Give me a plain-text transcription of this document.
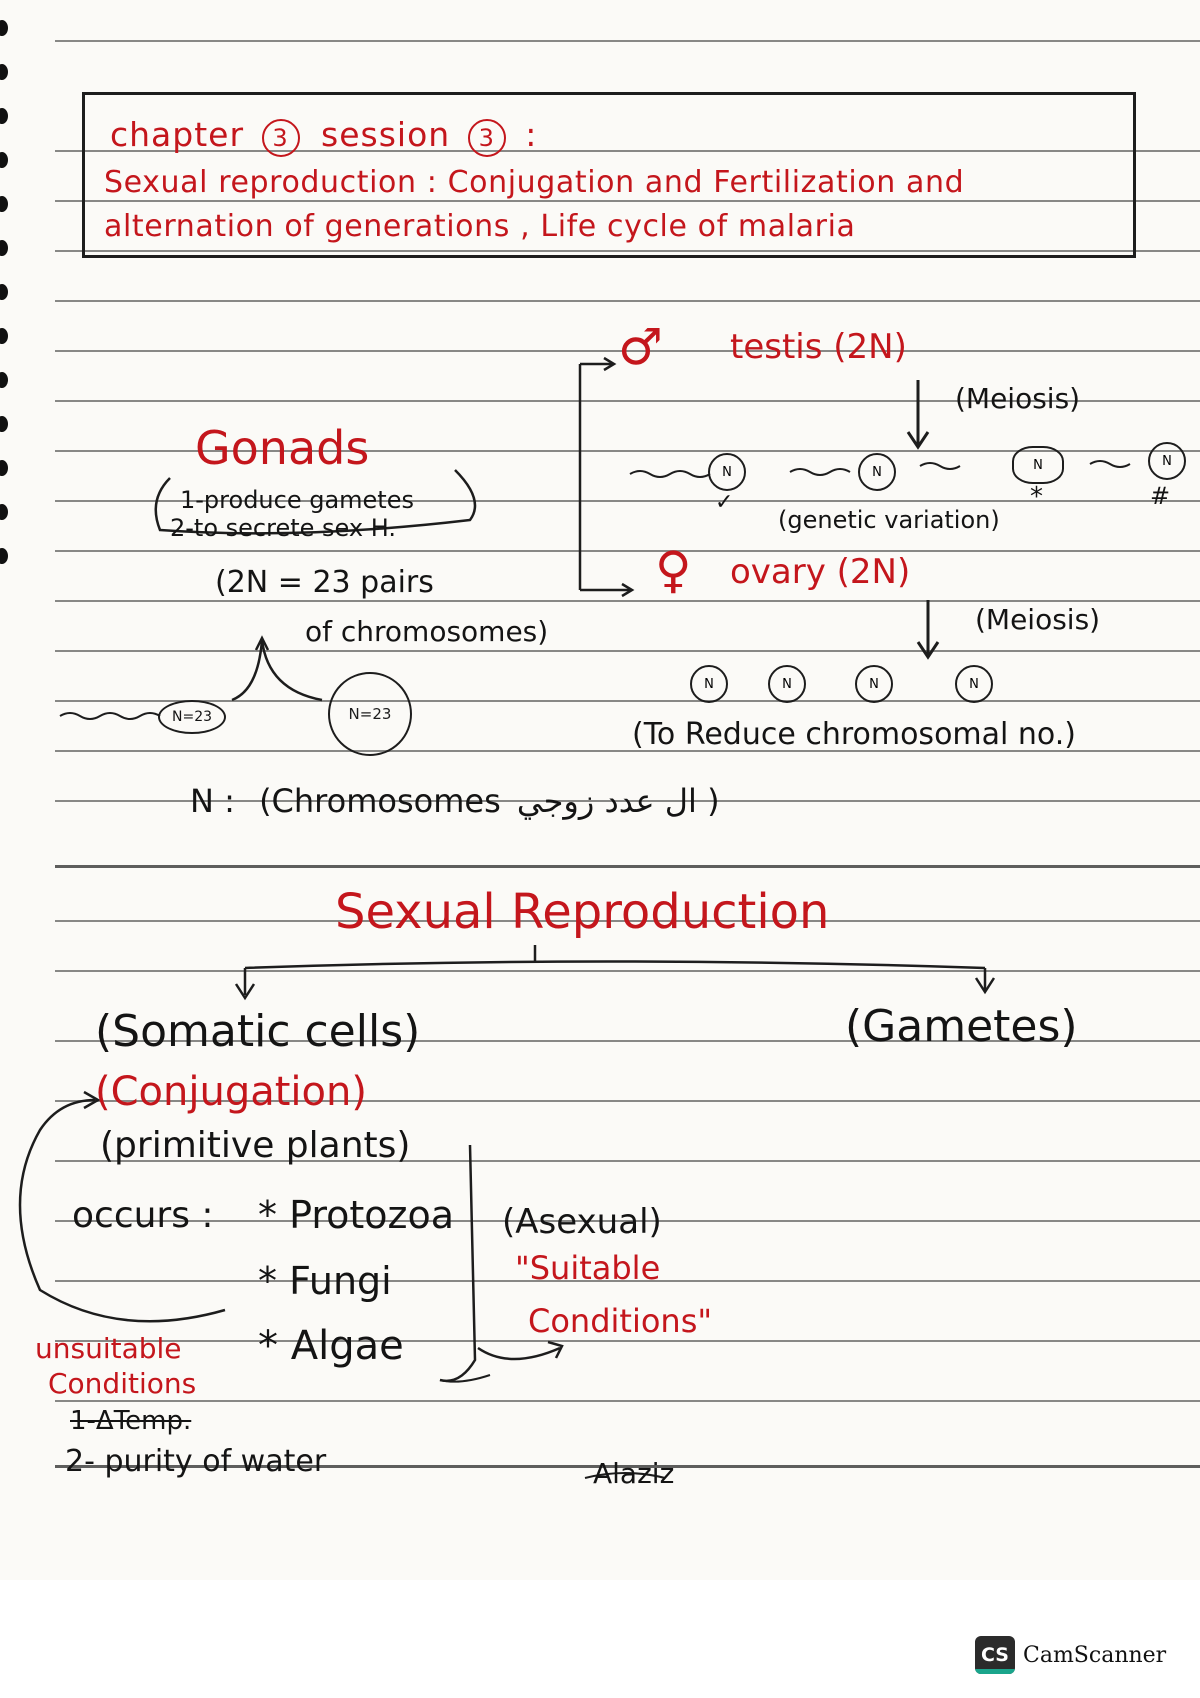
chapter 3 session 3 :
Sexual reproduction : Conjugation and Fertilization and
alternation of generations , Life cycle of malaria
Gonads
1-produce gametes
2-to secrete sex H.
(2N = 23 pairs
of chromosomes)
N=23	N=23
N : (Chromosomes ال عدد زوجي )
♂ testis (2N)
(Meiosis)
N	N	N	N
✓	*	#
(genetic variation)
♀ ovary (2N)
(Meiosis)
N	N	N	N
(To Reduce chromosomal no.)
Sexual Reproduction
(Somatic cells)	(Gametes)
(Conjugation)
(primitive plants)
occurs : * Protozoa
* Fungi
* Algae
(Asexual)
"Suitable
Conditions"
unsuitable
Conditions
1-ΔTemp.
2- purity of water	Alaziz
CS CamScanner
